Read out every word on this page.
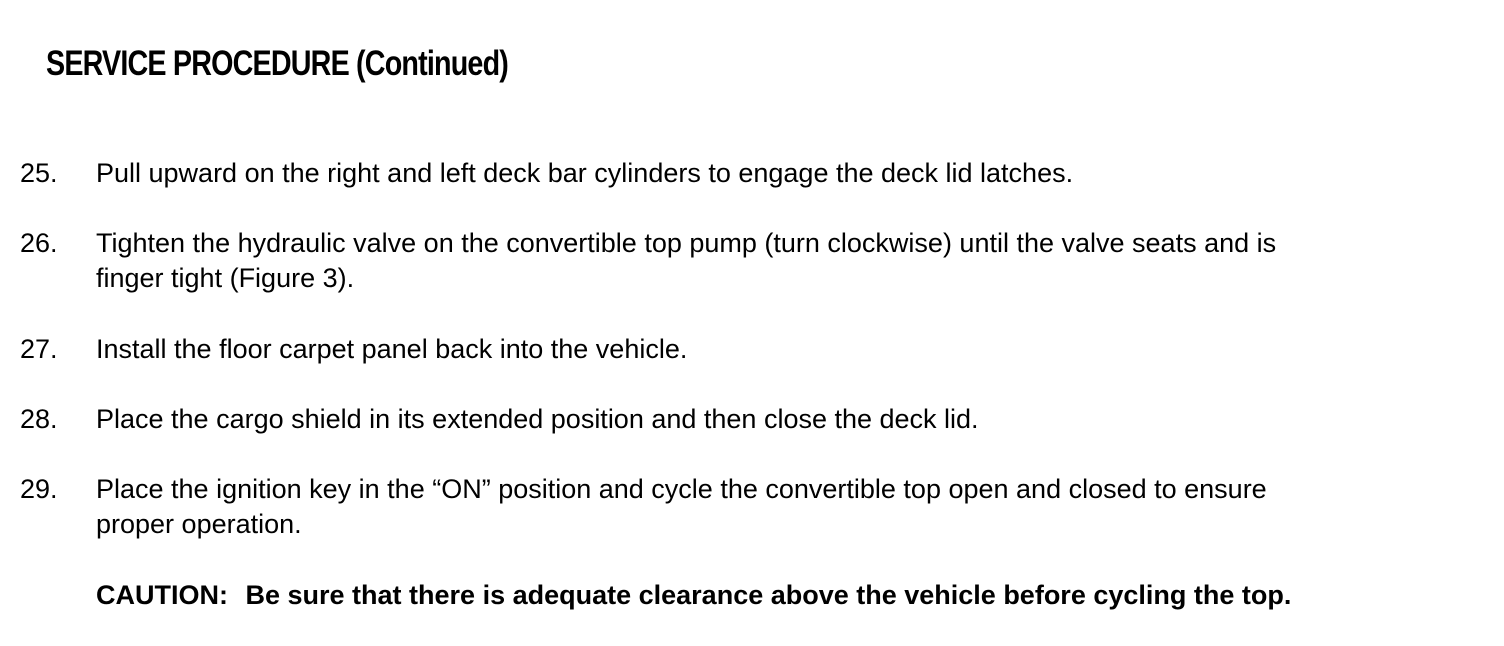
SERVICE PROCEDURE (Continued)
25.	Pull upward on the right and left deck bar cylinders to engage the deck lid latches.
26.	Tighten the hydraulic valve on the convertible top pump (turn clockwise) until the valve seats and is
finger tight (Figure 3).
27.	Install the floor carpet panel back into the vehicle.
28.	Place the cargo shield in its extended position and then close the deck lid.
29.	Place the ignition key in the “ON” position and cycle the convertible top open and closed to ensure
proper operation.
CAUTION: Be sure that there is adequate clearance above the vehicle before cycling the top.
